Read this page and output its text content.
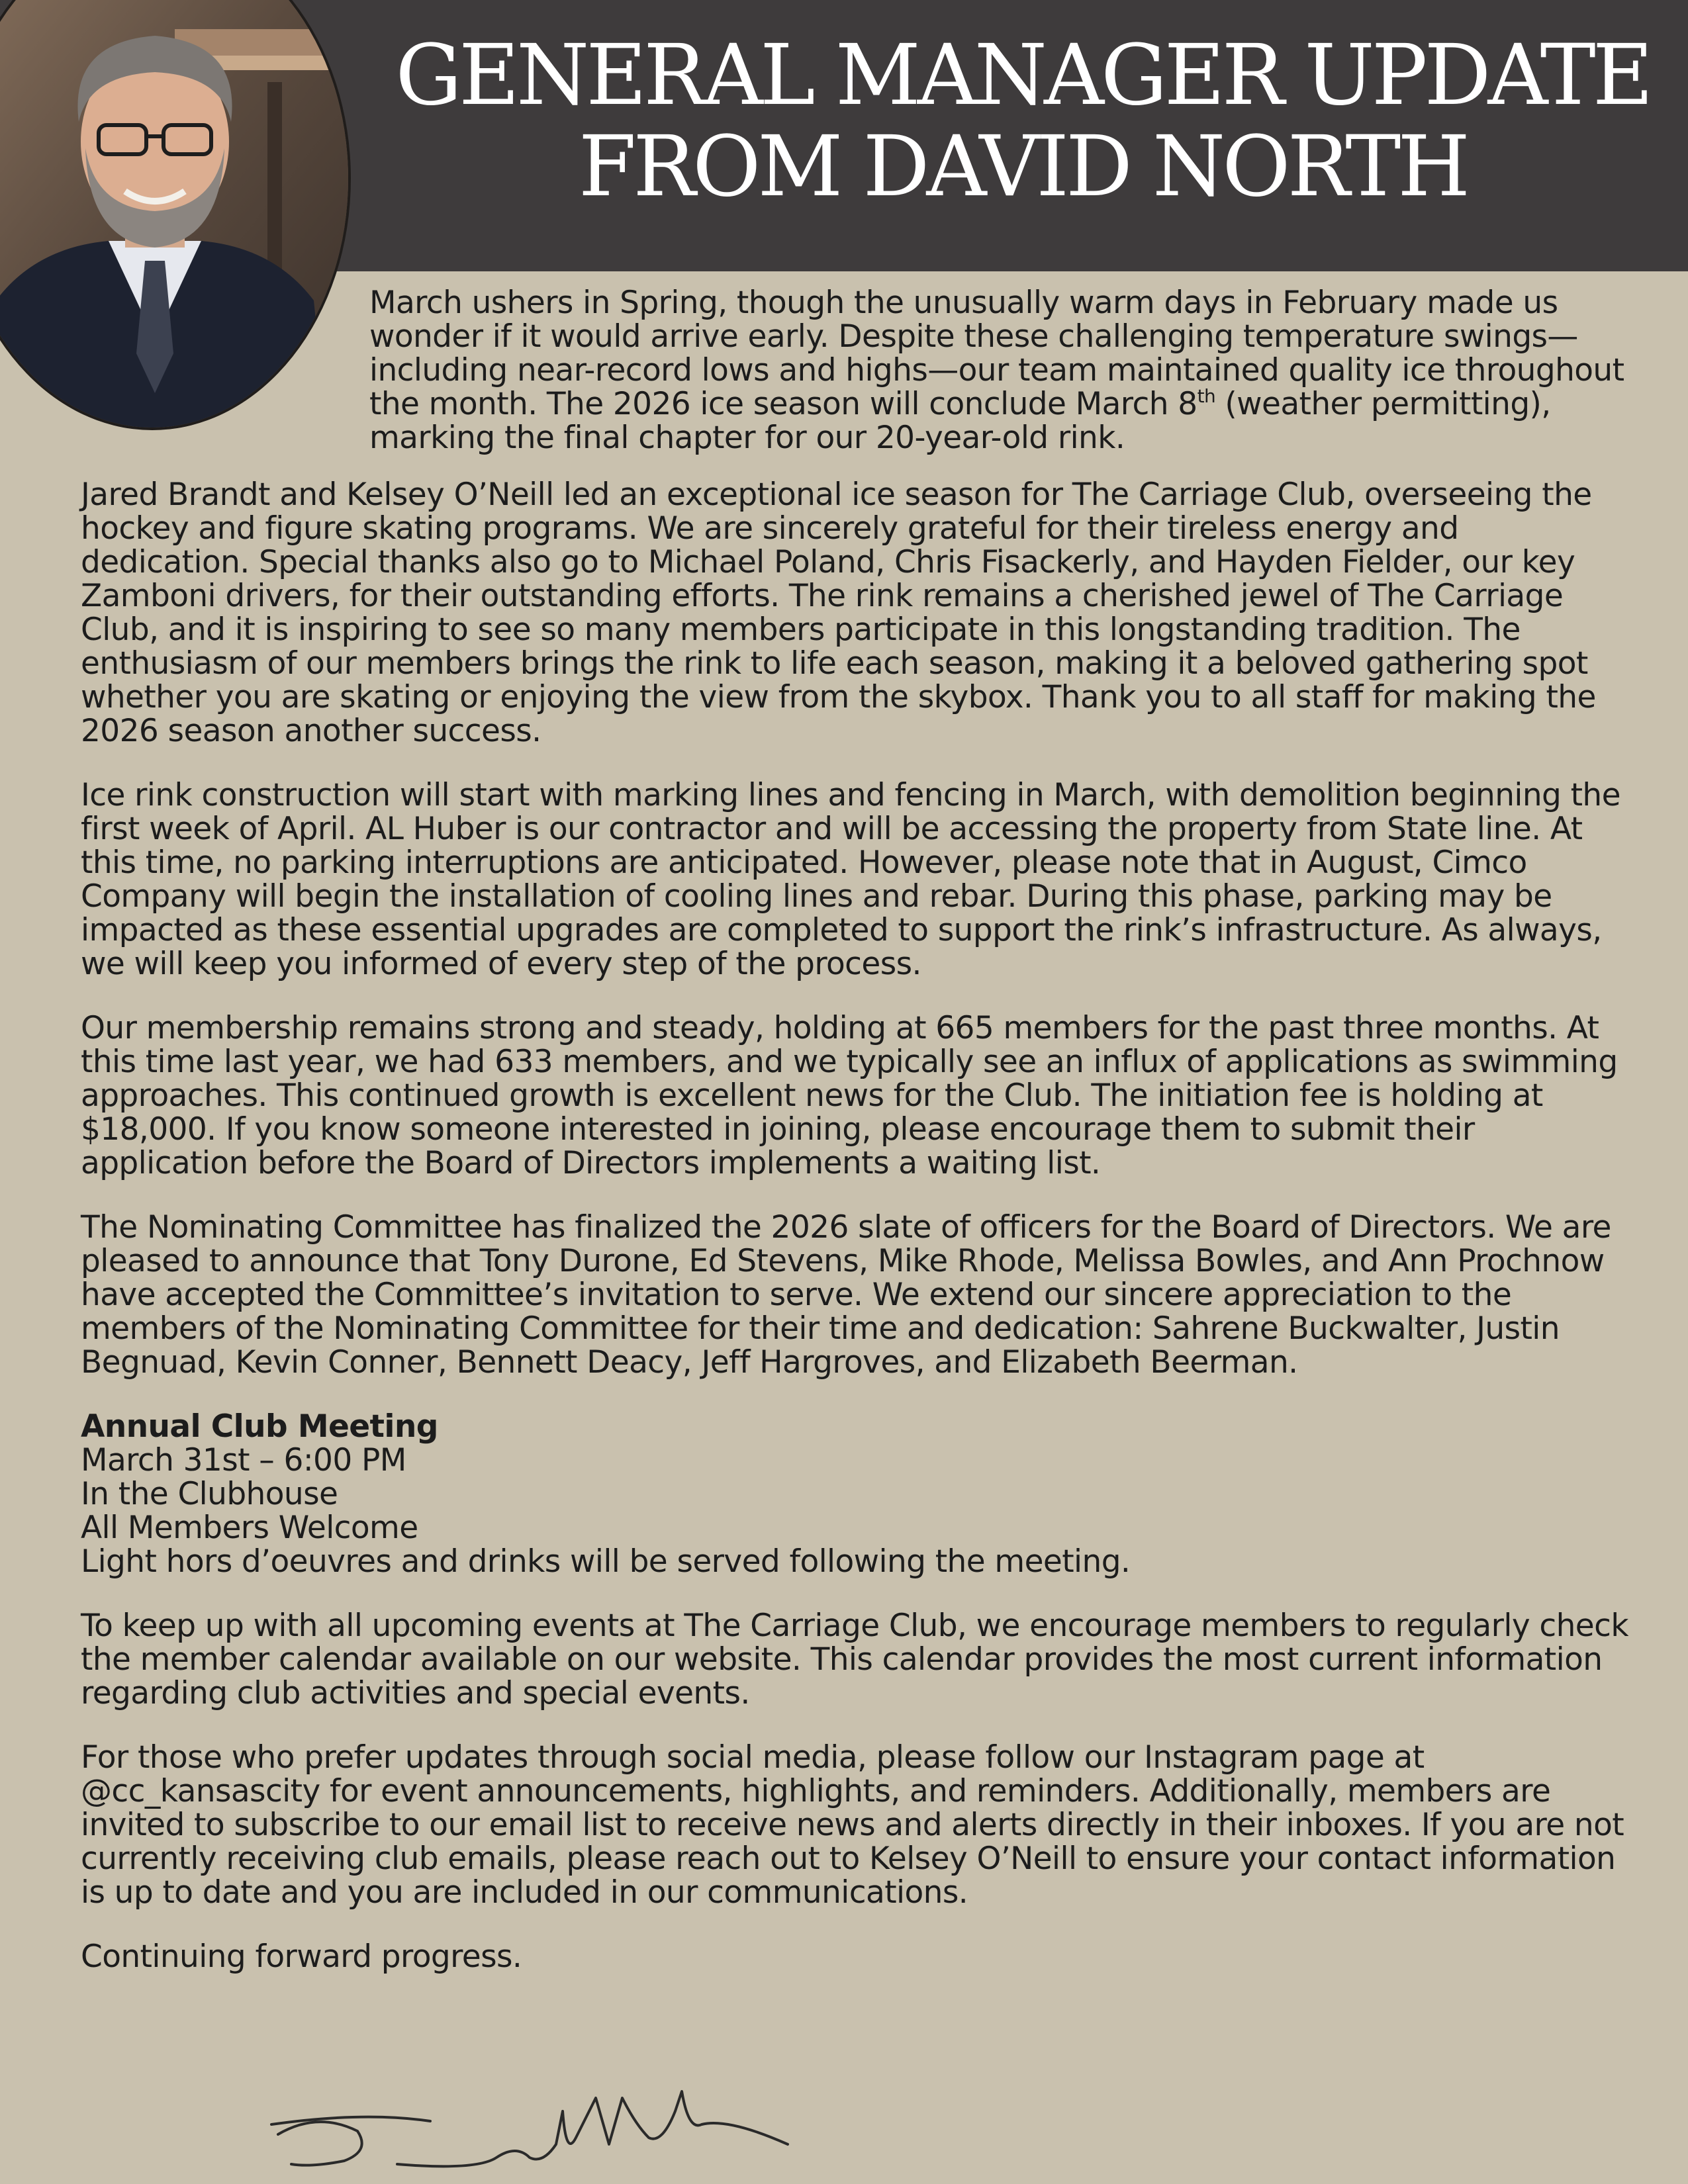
GENERAL MANAGER UPDATE
FROM DAVID NORTH

March ushers in Spring, though the unusually warm days in February made us wonder if it would arrive early. Despite these challenging temperature swings—including near-record lows and highs—our team maintained quality ice throughout the month. The 2026 ice season will conclude March 8th (weather permitting), marking the final chapter for our 20-year-old rink.

Jared Brandt and Kelsey O’Neill led an exceptional ice season for The Carriage Club, overseeing the hockey and figure skating programs. We are sincerely grateful for their tireless energy and dedication. Special thanks also go to Michael Poland, Chris Fisackerly, and Hayden Fielder, our key Zamboni drivers, for their outstanding efforts. The rink remains a cherished jewel of The Carriage Club, and it is inspiring to see so many members participate in this longstanding tradition. The enthusiasm of our members brings the rink to life each season, making it a beloved gathering spot whether you are skating or enjoying the view from the skybox. Thank you to all staff for making the 2026 season another success.

Ice rink construction will start with marking lines and fencing in March, with demolition beginning the first week of April. AL Huber is our contractor and will be accessing the property from State line. At this time, no parking interruptions are anticipated. However, please note that in August, Cimco Company will begin the installation of cooling lines and rebar. During this phase, parking may be impacted as these essential upgrades are completed to support the rink’s infrastructure. As always, we will keep you informed of every step of the process.

Our membership remains strong and steady, holding at 665 members for the past three months. At this time last year, we had 633 members, and we typically see an influx of applications as swimming approaches. This continued growth is excellent news for the Club. The initiation fee is holding at $18,000. If you know someone interested in joining, please encourage them to submit their application before the Board of Directors implements a waiting list.

The Nominating Committee has finalized the 2026 slate of officers for the Board of Directors. We are pleased to announce that Tony Durone, Ed Stevens, Mike Rhode, Melissa Bowles, and Ann Prochnow have accepted the Committee’s invitation to serve. We extend our sincere appreciation to the members of the Nominating Committee for their time and dedication: Sahrene Buckwalter, Justin Begnuad, Kevin Conner, Bennett Deacy, Jeff Hargroves, and Elizabeth Beerman.

Annual Club Meeting
March 31st – 6:00 PM
In the Clubhouse
All Members Welcome
Light hors d’oeuvres and drinks will be served following the meeting.

To keep up with all upcoming events at The Carriage Club, we encourage members to regularly check the member calendar available on our website. This calendar provides the most current information regarding club activities and special events.

For those who prefer updates through social media, please follow our Instagram page at @cc_kansascity for event announcements, highlights, and reminders. Additionally, members are invited to subscribe to our email list to receive news and alerts directly in their inboxes. If you are not currently receiving club emails, please reach out to Kelsey O’Neill to ensure your contact information is up to date and you are included in our communications.

Continuing forward progress.
